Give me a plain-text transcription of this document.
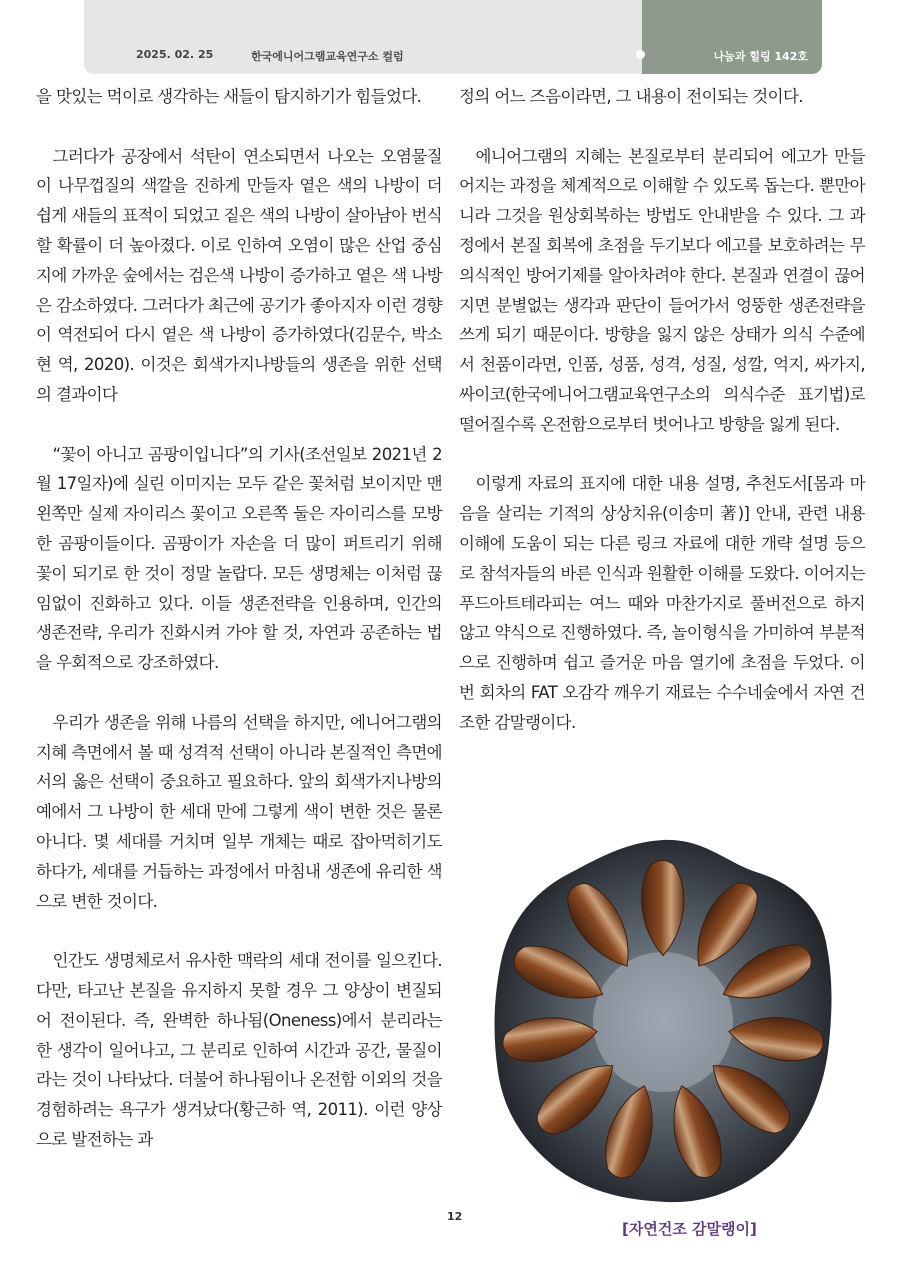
2025. 02. 25	한국에니어그램교육연구소 컬럼	나눔과 힐링 142호

을 맛있는 먹이로 생각하는 새들이 탐지하기가 힘들었다.

그러다가 공장에서 석탄이 연소되면서 나오는 오염물질이 나무껍질의 색깔을 진하게 만들자 옅은 색의 나방이 더 쉽게 새들의 표적이 되었고 짙은 색의 나방이 살아남아 번식할 확률이 더 높아졌다. 이로 인하여 오염이 많은 산업 중심지에 가까운 숲에서는 검은색 나방이 증가하고 옅은 색 나방은 감소하였다. 그러다가 최근에 공기가 좋아지자 이런 경향이 역전되어 다시 옅은 색 나방이 증가하였다(김문수, 박소현 역, 2020). 이것은 회색가지나방들의 생존을 위한 선택의 결과이다

“꽃이 아니고 곰팡이입니다”의 기사(조선일보 2021년 2월 17일자)에 실린 이미지는 모두 같은 꽃처럼 보이지만 맨 왼쪽만 실제 자이리스 꽃이고 오른쪽 둘은 자이리스를 모방한 곰팡이들이다. 곰팡이가 자손을 더 많이 퍼트리기 위해 꽃이 되기로 한 것이 정말 놀랍다. 모든 생명체는 이처럼 끊임없이 진화하고 있다. 이들 생존전략을 인용하며, 인간의 생존전략, 우리가 진화시켜 가야 할 것, 자연과 공존하는 법을 우회적으로 강조하였다.

우리가 생존을 위해 나름의 선택을 하지만, 에니어그램의 지혜 측면에서 볼 때 성격적 선택이 아니라 본질적인 측면에서의 옳은 선택이 중요하고 필요하다. 앞의 회색가지나방의 예에서 그 나방이 한 세대 만에 그렇게 색이 변한 것은 물론 아니다. 몇 세대를 거치며 일부 개체는 때로 잡아먹히기도 하다가, 세대를 거듭하는 과정에서 마침내 생존에 유리한 색으로 변한 것이다.

인간도 생명체로서 유사한 맥락의 세대 전이를 일으킨다. 다만, 타고난 본질을 유지하지 못할 경우 그 양상이 변질되어 전이된다. 즉, 완벽한 하나됨(Oneness)에서 분리라는 한 생각이 일어나고, 그 분리로 인하여 시간과 공간, 물질이라는 것이 나타났다. 더불어 하나됨이나 온전함 이외의 것을 경험하려는 욕구가 생겨났다(황근하 역, 2011). 이런 양상으로 발전하는 과

정의 어느 즈음이라면, 그 내용이 전이되는 것이다.

에니어그램의 지혜는 본질로부터 분리되어 에고가 만들어지는 과정을 체계적으로 이해할 수 있도록 돕는다. 뿐만아니라 그것을 원상회복하는 방법도 안내받을 수 있다. 그 과정에서 본질 회복에 초점을 두기보다 에고를 보호하려는 무의식적인 방어기제를 알아차려야 한다. 본질과 연결이 끊어지면 분별없는 생각과 판단이 들어가서 엉뚱한 생존전략을 쓰게 되기 때문이다. 방향을 잃지 않은 상태가 의식 수준에서 천품이라면, 인품, 성품, 성격, 성질, 성깔, 억지, 싸가지, 싸이코(한국에니어그램교육연구소의 의식수준 표기법)로 떨어질수록 온전함으로부터 벗어나고 방향을 잃게 된다.

이렇게 자료의 표지에 대한 내용 설명, 추천도서[몸과 마음을 살리는 기적의 상상치유(이송미 著)] 안내, 관련 내용 이해에 도움이 되는 다른 링크 자료에 대한 개략 설명 등으로 참석자들의 바른 인식과 원활한 이해를 도왔다. 이어지는 푸드아트테라피는 여느 때와 마찬가지로 풀버전으로 하지 않고 약식으로 진행하였다. 즉, 놀이형식을 가미하여 부분적으로 진행하며 쉽고 즐거운 마음 열기에 초점을 두었다. 이번 회차의 FAT 오감각 깨우기 재료는 수수네숲에서 자연 건조한 감말랭이다.

[자연건조 감말랭이]
12
